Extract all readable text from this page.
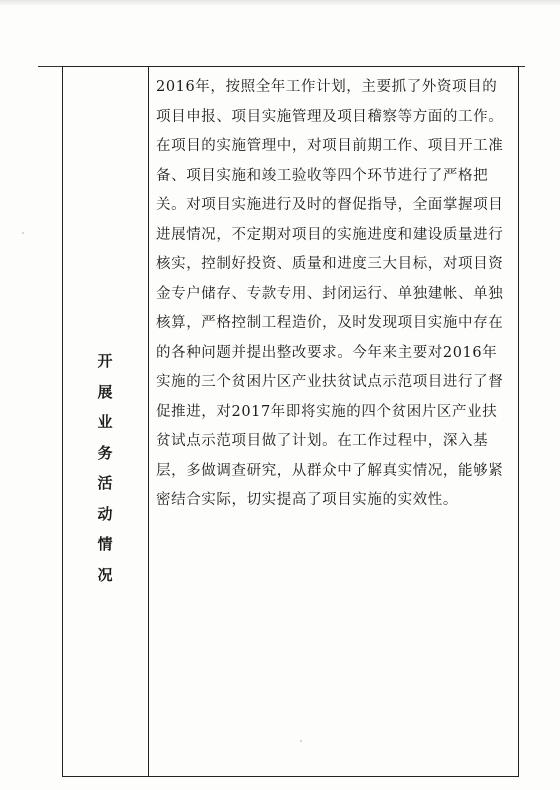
开
展
业
务
活
动
情
况

2016年，按照全年工作计划，主要抓了外资项目的项目申报、项目实施管理及项目稽察等方面的工作。在项目的实施管理中，对项目前期工作、项目开工准备、项目实施和竣工验收等四个环节进行了严格把关。对项目实施进行及时的督促指导，全面掌握项目进展情况，不定期对项目的实施进度和建设质量进行核实，控制好投资、质量和进度三大目标，对项目资金专户储存、专款专用、封闭运行、单独建帐、单独核算，严格控制工程造价，及时发现项目实施中存在的各种问题并提出整改要求。今年来主要对2016年实施的三个贫困片区产业扶贫试点示范项目进行了督促推进，对2017年即将实施的四个贫困片区产业扶贫试点示范项目做了计划。在工作过程中，深入基层，多做调查研究，从群众中了解真实情况，能够紧密结合实际，切实提高了项目实施的实效性。
